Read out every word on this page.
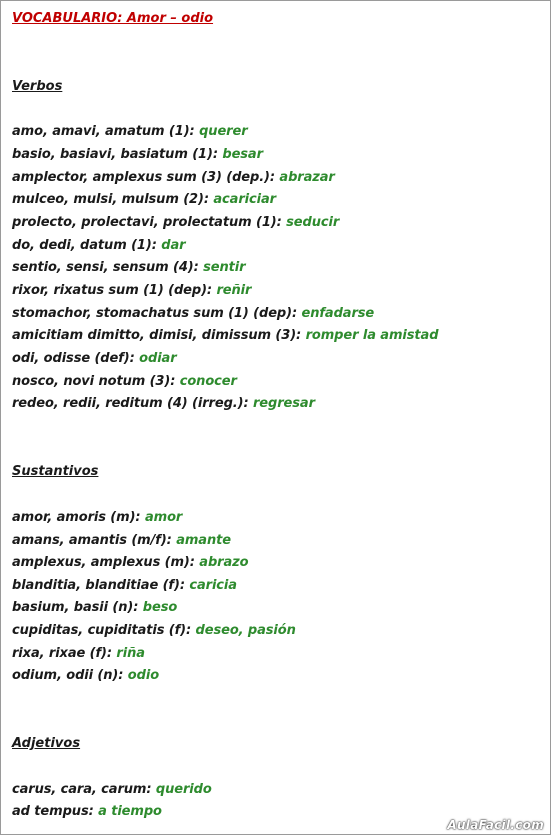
VOCABULARIO: Amor – odio
Verbos
amo, amavi, amatum (1): querer
basio, basiavi, basiatum (1): besar
amplector, amplexus sum (3) (dep.): abrazar
mulceo, mulsi, mulsum (2): acariciar
prolecto, prolectavi, prolectatum (1): seducir
do, dedi, datum (1): dar
sentio, sensi, sensum (4): sentir
rixor, rixatus sum (1) (dep): reñir
stomachor, stomachatus sum (1) (dep): enfadarse
amicitiam dimitto, dimisi, dimissum (3): romper la amistad
odi, odisse (def): odiar
nosco, novi notum (3): conocer
redeo, redii, reditum (4) (irreg.): regresar
Sustantivos
amor, amoris (m): amor
amans, amantis (m/f): amante
amplexus, amplexus (m): abrazo
blanditia, blanditiae (f): caricia
basium, basii (n): beso
cupiditas, cupiditatis (f): deseo, pasión
rixa, rixae (f): riña
odium, odii (n): odio
Adjetivos
carus, cara, carum: querido
ad tempus: a tiempo
AulaFacil.com
